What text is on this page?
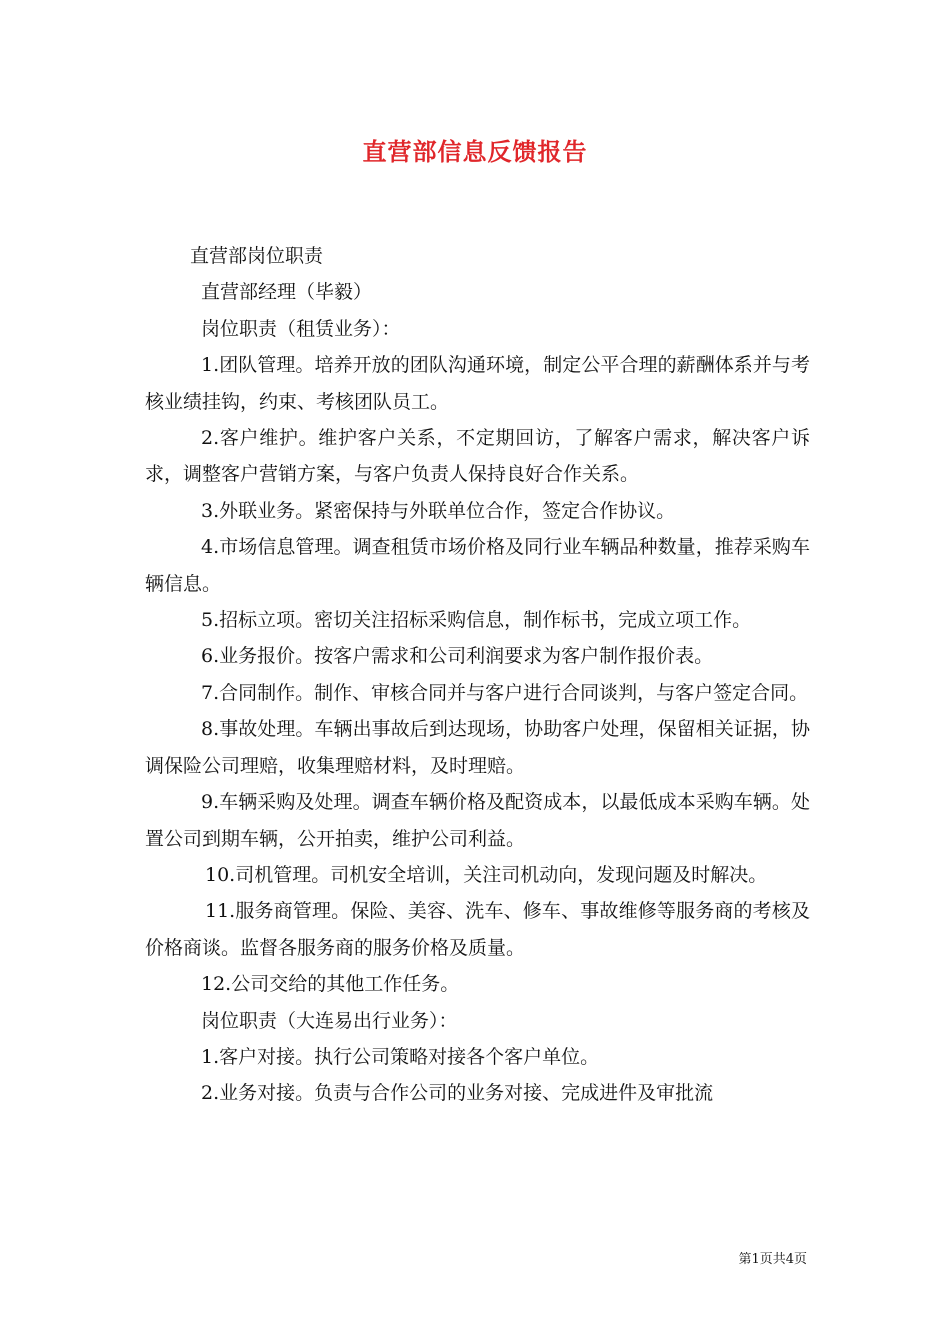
直营部信息反馈报告

直营部岗位职责

直营部经理（毕毅）

岗位职责（租赁业务）：

1.团队管理。培养开放的团队沟通环境，制定公平合理的薪酬体系并与考核业绩挂钩，约束、考核团队员工。

2.客户维护。维护客户关系，不定期回访，了解客户需求，解决客户诉求，调整客户营销方案，与客户负责人保持良好合作关系。

3.外联业务。紧密保持与外联单位合作，签定合作协议。

4.市场信息管理。调查租赁市场价格及同行业车辆品种数量，推荐采购车辆信息。

5.招标立项。密切关注招标采购信息，制作标书，完成立项工作。

6.业务报价。按客户需求和公司利润要求为客户制作报价表。

7.合同制作。制作、审核合同并与客户进行合同谈判，与客户签定合同。

8.事故处理。车辆出事故后到达现场，协助客户处理，保留相关证据，协调保险公司理赔，收集理赔材料，及时理赔。

9.车辆采购及处理。调查车辆价格及配资成本，以最低成本采购车辆。处置公司到期车辆，公开拍卖，维护公司利益。

10.司机管理。司机安全培训，关注司机动向，发现问题及时解决。

11.服务商管理。保险、美容、洗车、修车、事故维修等服务商的考核及价格商谈。监督各服务商的服务价格及质量。

12.公司交给的其他工作任务。

岗位职责（大连易出行业务）：

1.客户对接。执行公司策略对接各个客户单位。

2.业务对接。负责与合作公司的业务对接、完成进件及审批流

第1页共4页
